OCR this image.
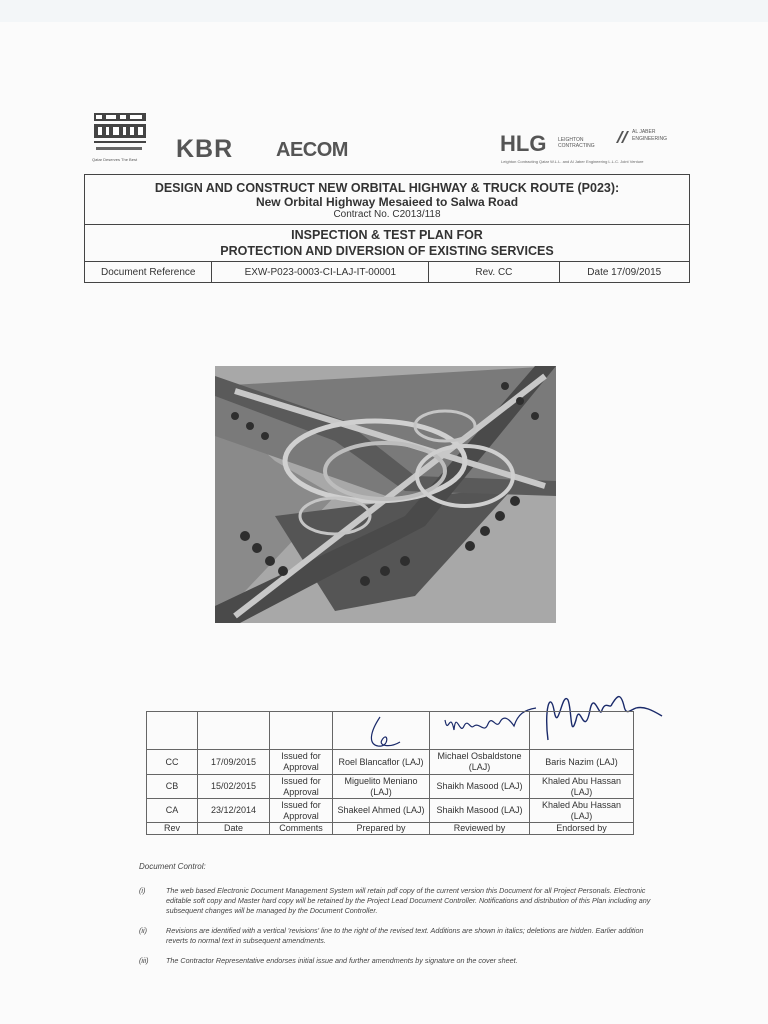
Qatar Deserves The Best KBR AECOM	HLG LEIGHTON CONTRACTING
AL JABER ENGINEERING
Leighton Contracting Qatar W.L.L. and Al Jaber Engineering L.L.C. Joint Venture
DESIGN AND CONSTRUCT NEW ORBITAL HIGHWAY & TRUCK ROUTE (P023):
New Orbital Highway Mesaieed to Salwa Road
Contract No. C2013/118

INSPECTION & TEST PLAN FOR
PROTECTION AND DIVERSION OF EXISTING SERVICES

Document Reference	EXW-P023-0003-CI-LAJ-IT-00001	Rev. CC	Date 17/09/2015

CC	17/09/2015	Issued for Approval	Roel Blancaflor (LAJ)	Michael Osbaldstone (LAJ)	Baris Nazim (LAJ)
CB	15/02/2015	Issued for Approval	Miguelito Meniano (LAJ)	Shaikh Masood (LAJ)	Khaled Abu Hassan (LAJ)
CA	23/12/2014	Issued for Approval	Shakeel Ahmed (LAJ)	Shaikh Masood (LAJ)	Khaled Abu Hassan (LAJ)
Rev	Date	Comments	Prepared by	Reviewed by	Endorsed by
Document Control:
(i)	The web based Electronic Document Management System will retain pdf copy of the current version this Document for all Project Personals. Electronic editable soft copy and Master hard copy will be retained by the Project Lead Document Controller. Notifications and distribution of this Plan including any subsequent changes will be managed by the Document Controller.
(ii)	Revisions are identified with a vertical 'revisions' line to the right of the revised text. Additions are shown in italics; deletions are hidden. Earlier addition reverts to normal text in subsequent amendments.
(iii)	The Contractor Representative endorses initial issue and further amendments by signature on the cover sheet.
